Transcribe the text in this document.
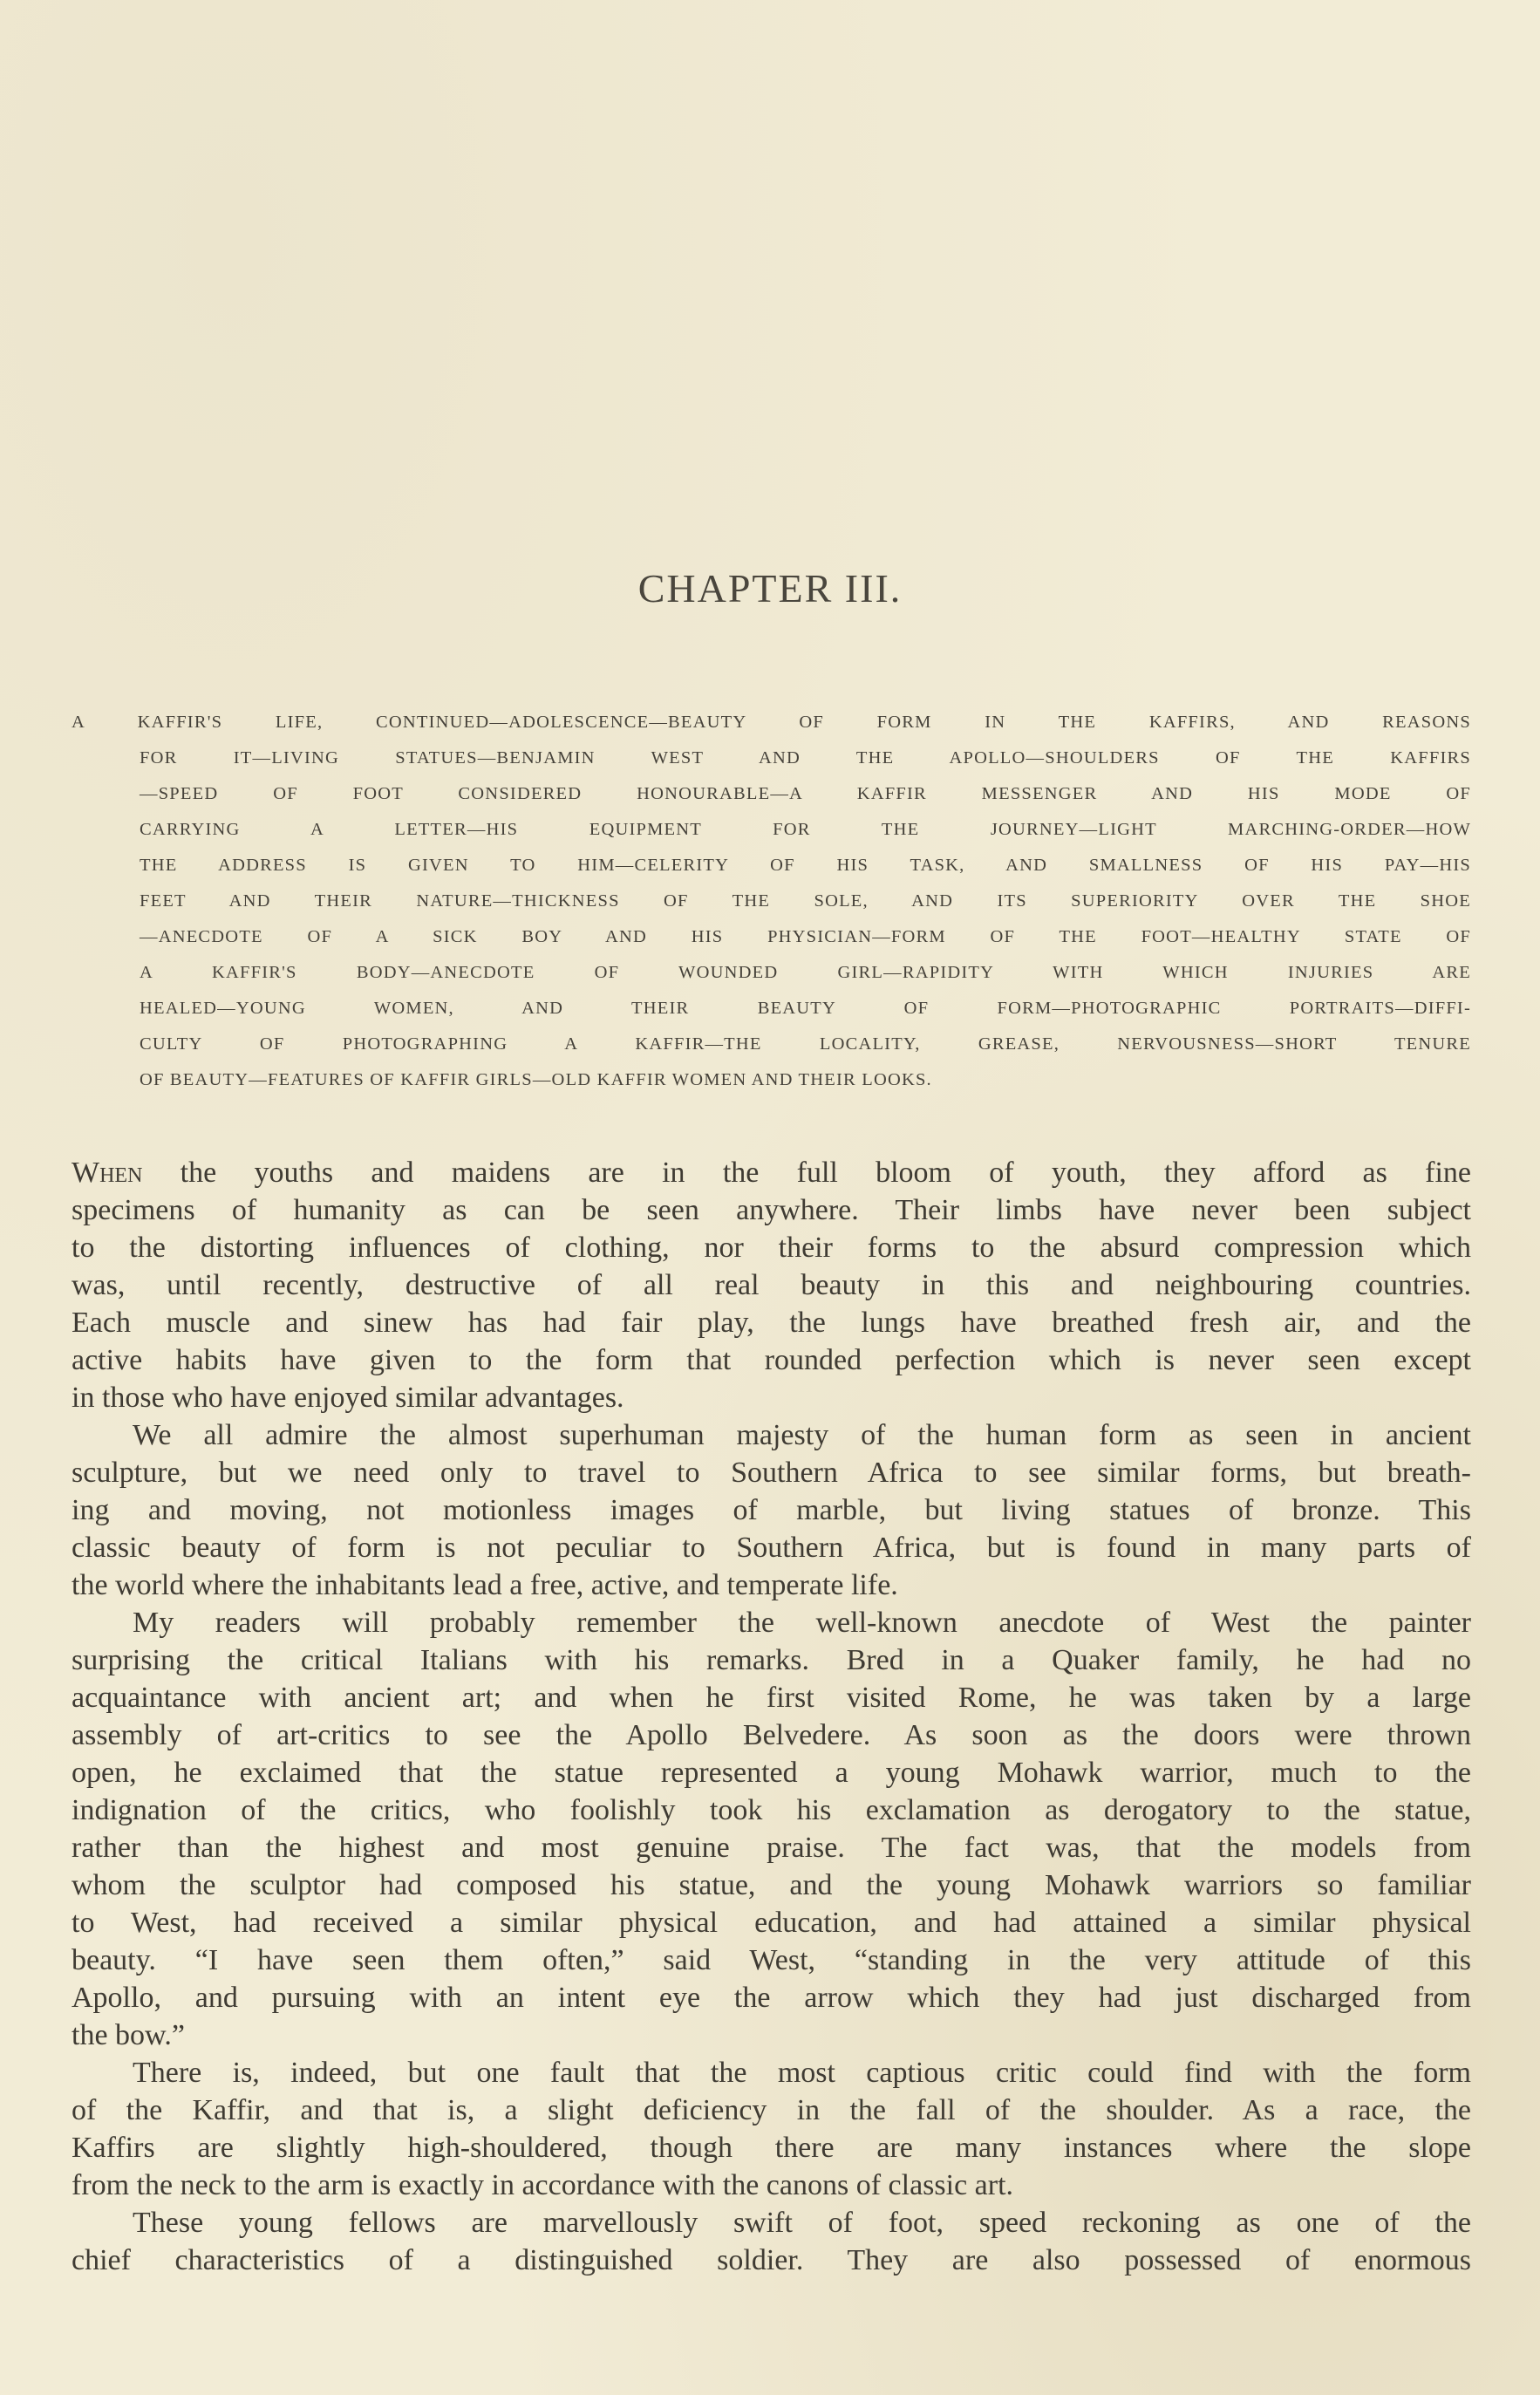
CHAPTER III.
A KAFFIR'S LIFE, CONTINUED—ADOLESCENCE—BEAUTY OF FORM IN THE KAFFIRS, AND REASONS
FOR IT—LIVING STATUES—BENJAMIN WEST AND THE APOLLO—SHOULDERS OF THE KAFFIRS
—SPEED OF FOOT CONSIDERED HONOURABLE—A KAFFIR MESSENGER AND HIS MODE OF
CARRYING A LETTER—HIS EQUIPMENT FOR THE JOURNEY—LIGHT MARCHING-ORDER—HOW
THE ADDRESS IS GIVEN TO HIM—CELERITY OF HIS TASK, AND SMALLNESS OF HIS PAY—HIS
FEET AND THEIR NATURE—THICKNESS OF THE SOLE, AND ITS SUPERIORITY OVER THE SHOE
—ANECDOTE OF A SICK BOY AND HIS PHYSICIAN—FORM OF THE FOOT—HEALTHY STATE OF
A KAFFIR'S BODY—ANECDOTE OF WOUNDED GIRL—RAPIDITY WITH WHICH INJURIES ARE
HEALED—YOUNG WOMEN, AND THEIR BEAUTY OF FORM—PHOTOGRAPHIC PORTRAITS—DIFFI-
CULTY OF PHOTOGRAPHING A KAFFIR—THE LOCALITY, GREASE, NERVOUSNESS—SHORT TENURE
OF BEAUTY—FEATURES OF KAFFIR GIRLS—OLD KAFFIR WOMEN AND THEIR LOOKS.
When the youths and maidens are in the full bloom of youth, they afford as fine
specimens of humanity as can be seen anywhere. Their limbs have never been subject
to the distorting influences of clothing, nor their forms to the absurd compression which
was, until recently, destructive of all real beauty in this and neighbouring countries.
Each muscle and sinew has had fair play, the lungs have breathed fresh air, and the
active habits have given to the form that rounded perfection which is never seen except
in those who have enjoyed similar advantages.
We all admire the almost superhuman majesty of the human form as seen in ancient
sculpture, but we need only to travel to Southern Africa to see similar forms, but breath-
ing and moving, not motionless images of marble, but living statues of bronze. This
classic beauty of form is not peculiar to Southern Africa, but is found in many parts of
the world where the inhabitants lead a free, active, and temperate life.
My readers will probably remember the well-known anecdote of West the painter
surprising the critical Italians with his remarks. Bred in a Quaker family, he had no
acquaintance with ancient art; and when he first visited Rome, he was taken by a large
assembly of art-critics to see the Apollo Belvedere. As soon as the doors were thrown
open, he exclaimed that the statue represented a young Mohawk warrior, much to the
indignation of the critics, who foolishly took his exclamation as derogatory to the statue,
rather than the highest and most genuine praise. The fact was, that the models from
whom the sculptor had composed his statue, and the young Mohawk warriors so familiar
to West, had received a similar physical education, and had attained a similar physical
beauty. “I have seen them often,” said West, “standing in the very attitude of this
Apollo, and pursuing with an intent eye the arrow which they had just discharged from
the bow.”
There is, indeed, but one fault that the most captious critic could find with the form
of the Kaffir, and that is, a slight deficiency in the fall of the shoulder. As a race, the
Kaffirs are slightly high-shouldered, though there are many instances where the slope
from the neck to the arm is exactly in accordance with the canons of classic art.
These young fellows are marvellously swift of foot, speed reckoning as one of the
chief characteristics of a distinguished soldier. They are also possessed of enormous
